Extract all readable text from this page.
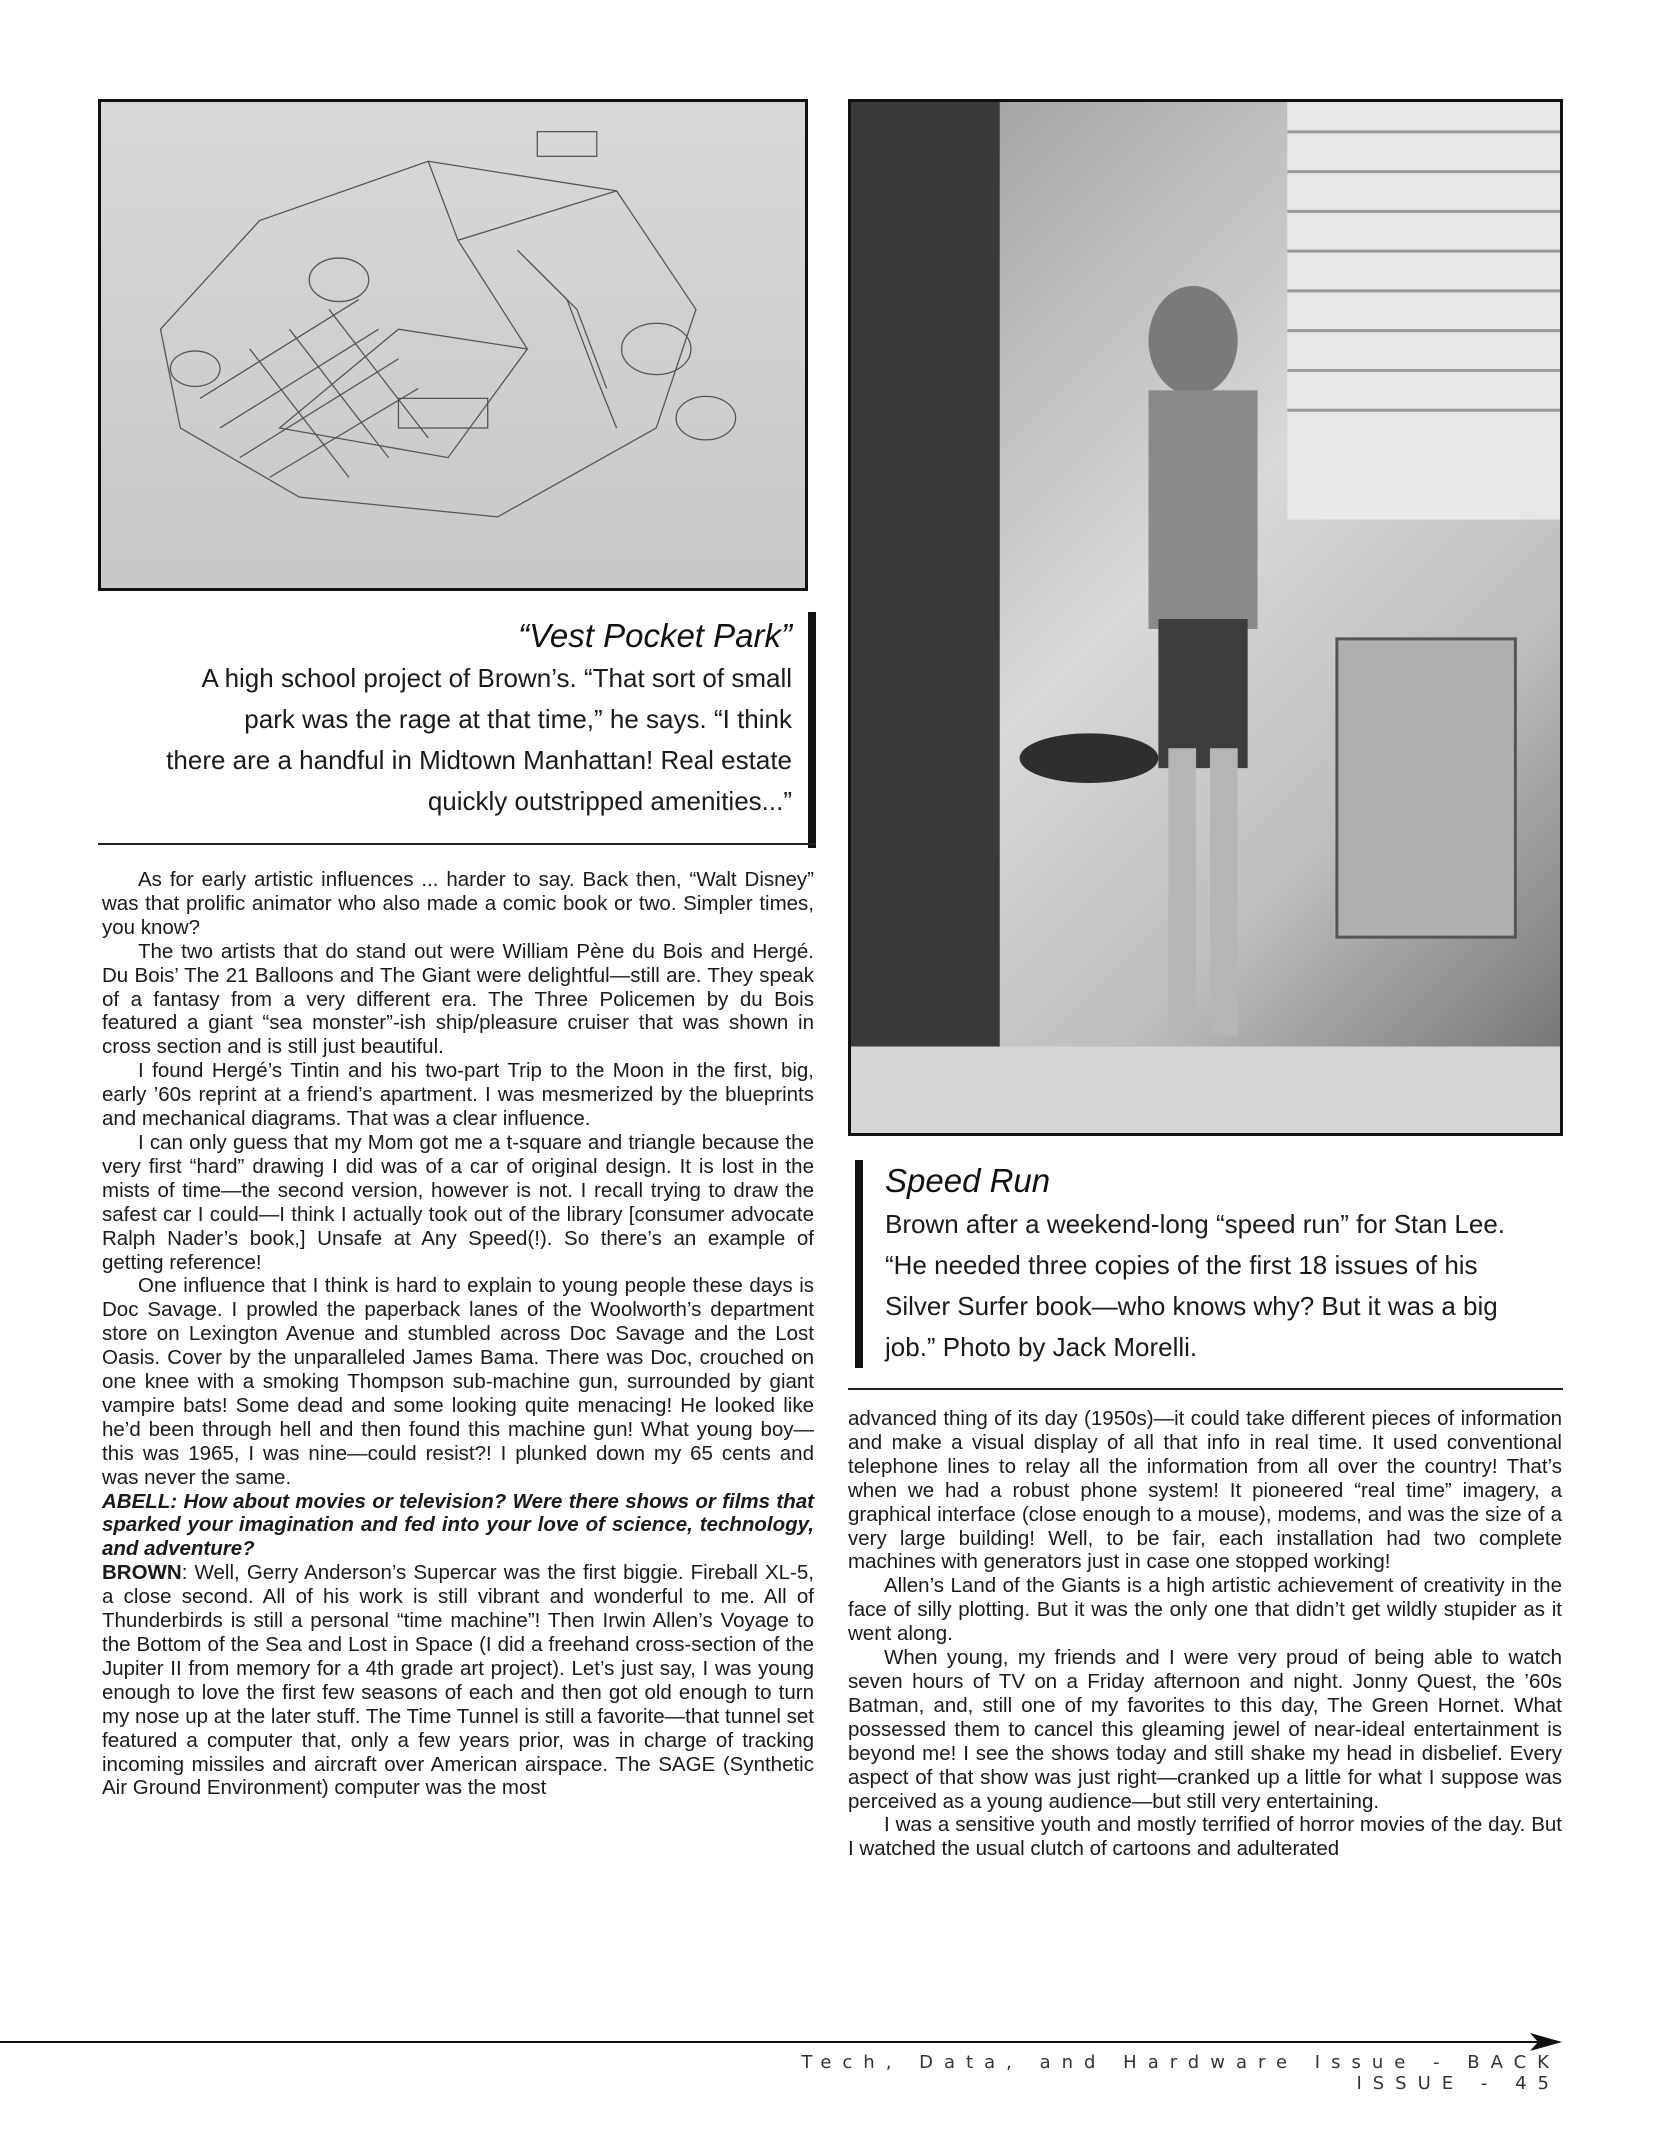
“Vest Pocket Park”
A high school project of Brown’s. “That sort of small
park was the rage at that time,” he says. “I think
there are a handful in Midtown Manhattan! Real estate
quickly outstripped amenities...”
Speed Run
Brown after a weekend-long “speed run” for Stan Lee.
“He needed three copies of the first 18 issues of his
Silver Surfer book—who knows why? But it was a big
job.” Photo by Jack Morelli.

As for early artistic influences ... harder to say. Back then, “Walt Disney” was that prolific animator who also made a comic book or two. Simpler times, you know?

The two artists that do stand out were William Pène du Bois and Hergé. Du Bois’ The 21 Balloons and The Giant were delightful—still are. They speak of a fantasy from a very different era. The Three Policemen by du Bois featured a giant “sea monster”-ish ship/pleasure cruiser that was shown in cross section and is still just beautiful.

I found Hergé’s Tintin and his two-part Trip to the Moon in the first, big, early ’60s reprint at a friend’s apartment. I was mesmerized by the blueprints and mechanical diagrams. That was a clear influence.

I can only guess that my Mom got me a t-square and triangle because the very first “hard” drawing I did was of a car of original design. It is lost in the mists of time—the second version, however is not. I recall trying to draw the safest car I could—I think I actually took out of the library [consumer advocate Ralph Nader’s book,] Unsafe at Any Speed(!). So there’s an example of getting reference!

One influence that I think is hard to explain to young people these days is Doc Savage. I prowled the paperback lanes of the Woolworth’s department store on Lexington Avenue and stumbled across Doc Savage and the Lost Oasis. Cover by the unparalleled James Bama. There was Doc, crouched on one knee with a smoking Thompson sub-machine gun, surrounded by giant vampire bats! Some dead and some looking quite menacing! He looked like he’d been through hell and then found this machine gun! What young boy—this was 1965, I was nine—could resist?! I plunked down my 65 cents and was never the same.

ABELL: How about movies or television? Were there shows or films that sparked your imagination and fed into your love of science, technology, and adventure?

BROWN: Well, Gerry Anderson’s Supercar was the first biggie. Fireball XL-5, a close second. All of his work is still vibrant and wonderful to me. All of Thunderbirds is still a personal “time machine”! Then Irwin Allen’s Voyage to the Bottom of the Sea and Lost in Space (I did a freehand cross-section of the Jupiter II from memory for a 4th grade art project). Let’s just say, I was young enough to love the first few seasons of each and then got old enough to turn my nose up at the later stuff. The Time Tunnel is still a favorite—that tunnel set featured a computer that, only a few years prior, was in charge of tracking incoming missiles and aircraft over American airspace. The SAGE (Synthetic Air Ground Environment) computer was the most

advanced thing of its day (1950s)—it could take different pieces of information and make a visual display of all that info in real time. It used conventional telephone lines to relay all the information from all over the country! That’s when we had a robust phone system! It pioneered “real time” imagery, a graphical interface (close enough to a mouse), modems, and was the size of a very large building! Well, to be fair, each installation had two complete machines with generators just in case one stopped working!

Allen’s Land of the Giants is a high artistic achievement of creativity in the face of silly plotting. But it was the only one that didn’t get wildly stupider as it went along.

When young, my friends and I were very proud of being able to watch seven hours of TV on a Friday afternoon and night. Jonny Quest, the ’60s Batman, and, still one of my favorites to this day, The Green Hornet. What possessed them to cancel this gleaming jewel of near-ideal entertainment is beyond me! I see the shows today and still shake my head in disbelief. Every aspect of that show was just right—cranked up a little for what I suppose was perceived as a young audience—but still very entertaining.

I was a sensitive youth and mostly terrified of horror movies of the day. But I watched the usual clutch of cartoons and adulterated

Tech, Data, and Hardware Issue - BACK ISSUE - 45
